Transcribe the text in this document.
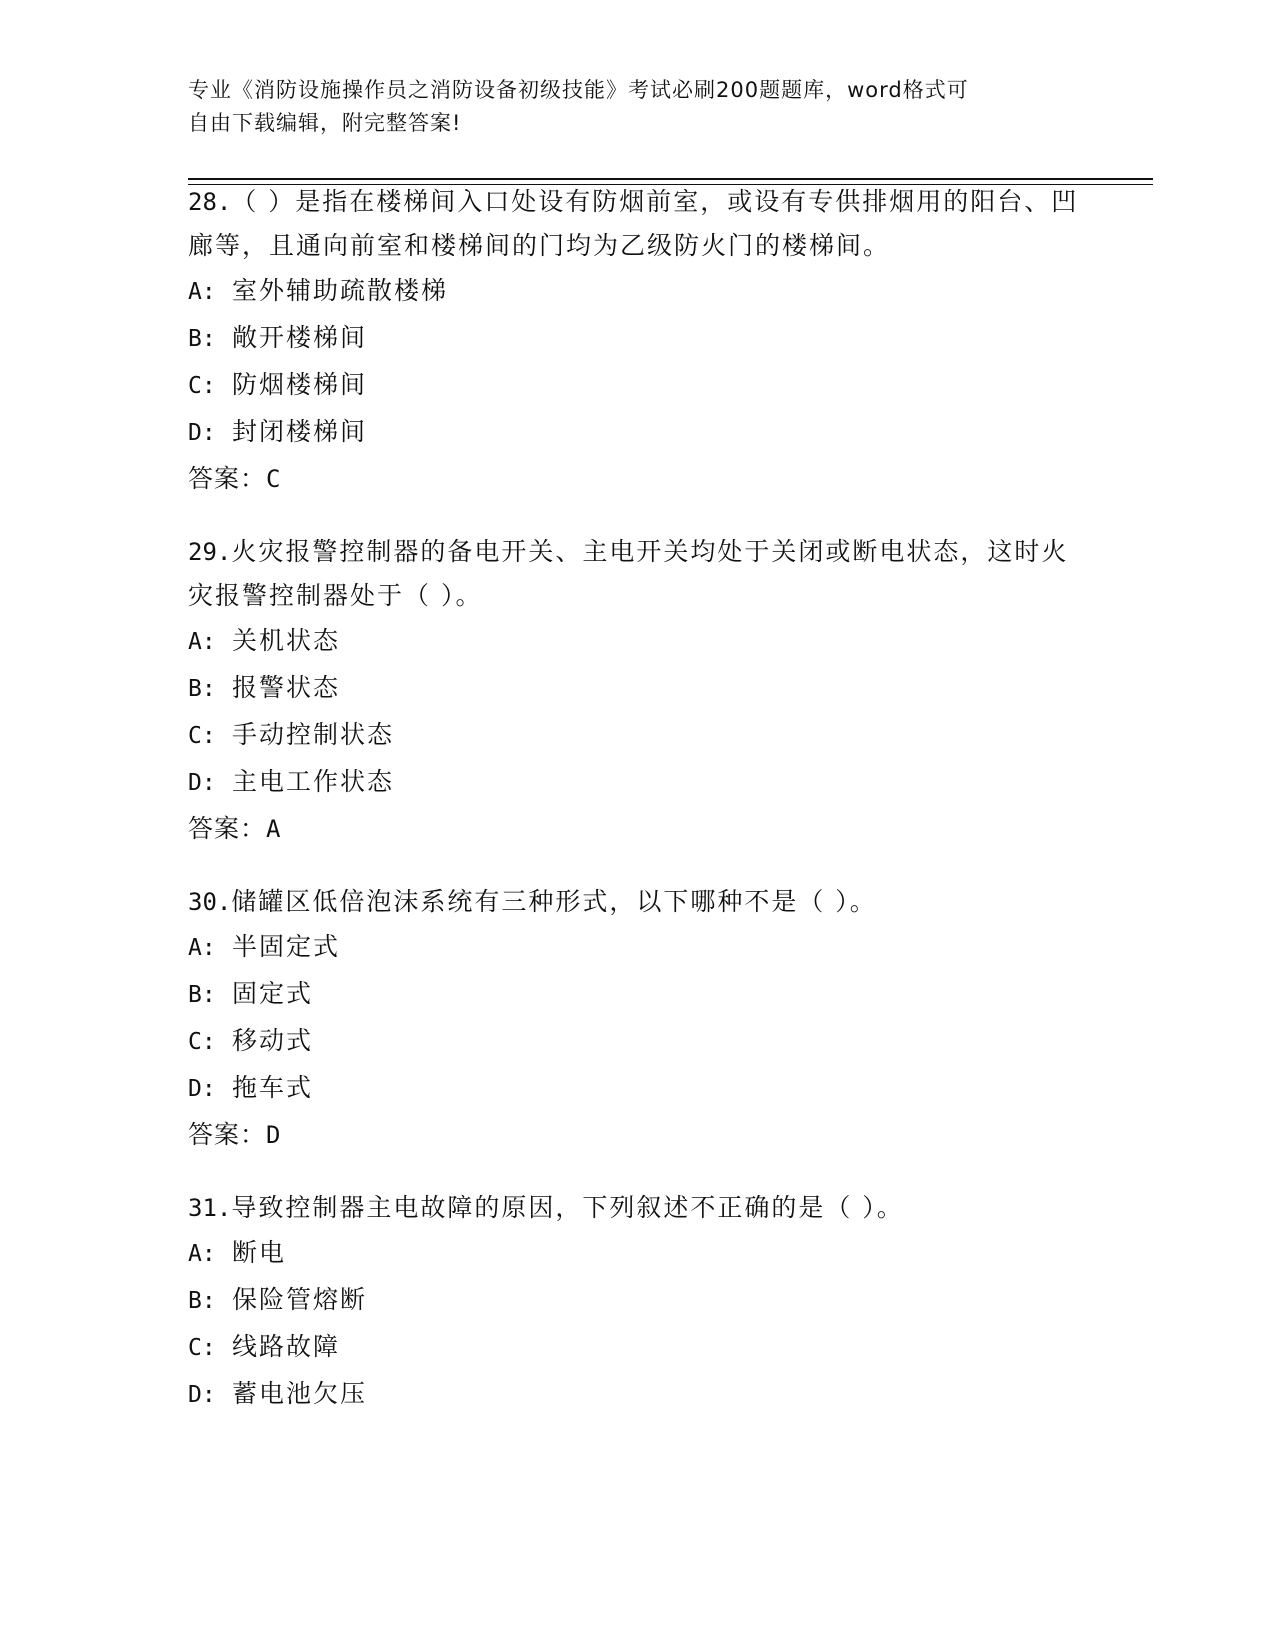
专业《消防设施操作员之消防设备初级技能》考试必刷200题题库，word格式可
自由下载编辑，附完整答案!

28.（ ）是指在楼梯间入口处设有防烟前室，或设有专供排烟用的阳台、凹廊等，且通向前室和楼梯间的门均为乙级防火门的楼梯间。

A: 室外辅助疏散楼梯

B: 敞开楼梯间

C: 防烟楼梯间

D: 封闭楼梯间

答案：C

29.火灾报警控制器的备电开关、主电开关均处于关闭或断电状态，这时火灾报警控制器处于（ ）。

A: 关机状态

B: 报警状态

C: 手动控制状态

D: 主电工作状态

答案：A

30.储罐区低倍泡沫系统有三种形式，以下哪种不是（ ）。

A: 半固定式

B: 固定式

C: 移动式

D: 拖车式

答案：D

31.导致控制器主电故障的原因，下列叙述不正确的是（ ）。

A: 断电

B: 保险管熔断

C: 线路故障

D: 蓄电池欠压
